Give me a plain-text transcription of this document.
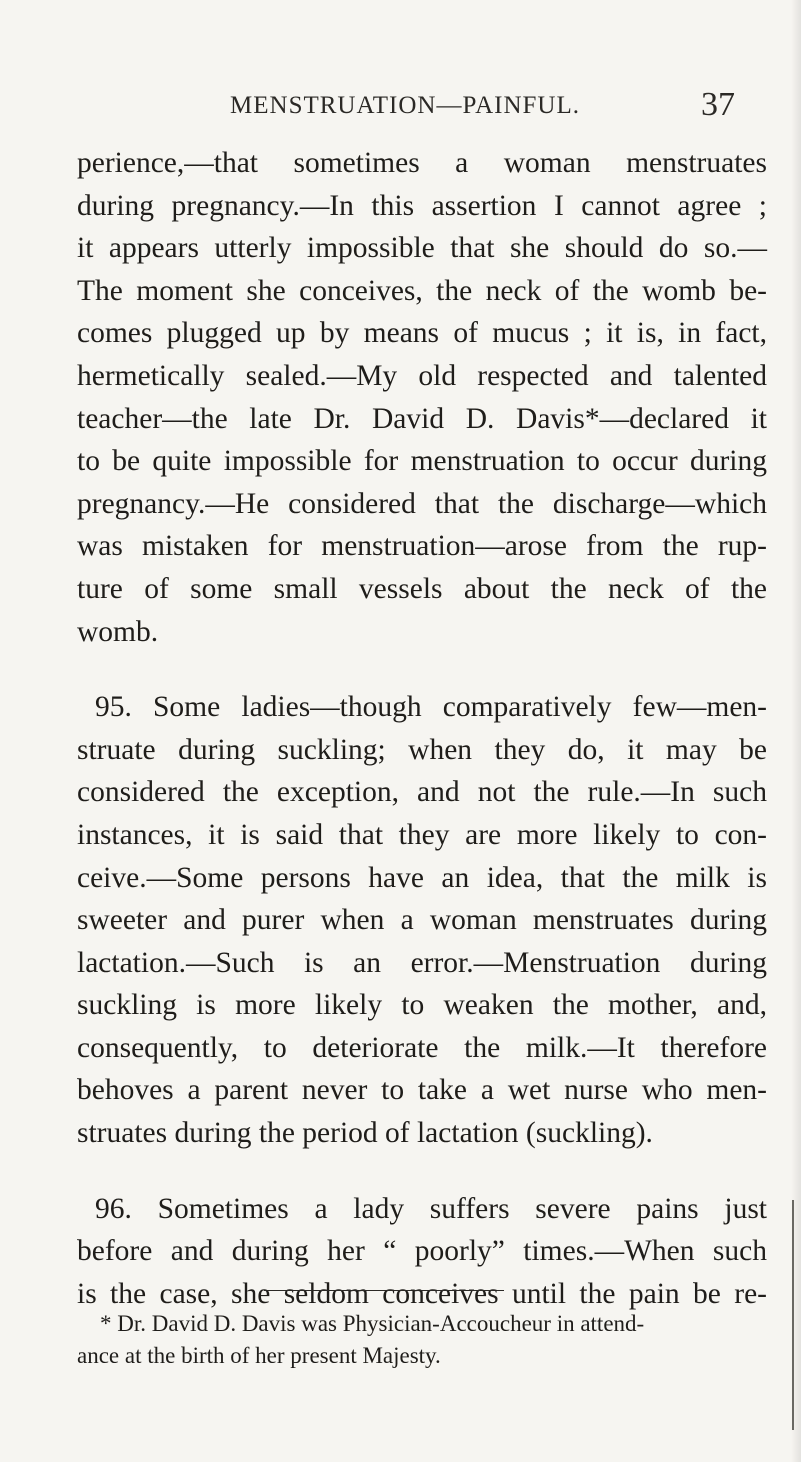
MENSTRUATION—PAINFUL.	37
perience,—that sometimes a woman menstruates
during pregnancy.—In this assertion I cannot agree ;
it appears utterly impossible that she should do so.—
The moment she conceives, the neck of the womb be-
comes plugged up by means of mucus ; it is, in fact,
hermetically sealed.—My old respected and talented
teacher—the late Dr. David D. Davis*—declared it
to be quite impossible for menstruation to occur during
pregnancy.—He considered that the discharge—which
was mistaken for menstruation—arose from the rup-
ture of some small vessels about the neck of the
womb.
95. Some ladies—though comparatively few—men-
struate during suckling; when they do, it may be
considered the exception, and not the rule.—In such
instances, it is said that they are more likely to con-
ceive.—Some persons have an idea, that the milk is
sweeter and purer when a woman menstruates during
lactation.—Such is an error.—Menstruation during
suckling is more likely to weaken the mother, and,
consequently, to deteriorate the milk.—It therefore
behoves a parent never to take a wet nurse who men-
struates during the period of lactation (suckling).
96. Sometimes a lady suffers severe pains just
before and during her “ poorly” times.—When such
is the case, she seldom conceives until the pain be re-
* Dr. David D. Davis was Physician-Accoucheur in attend-
ance at the birth of her present Majesty.
